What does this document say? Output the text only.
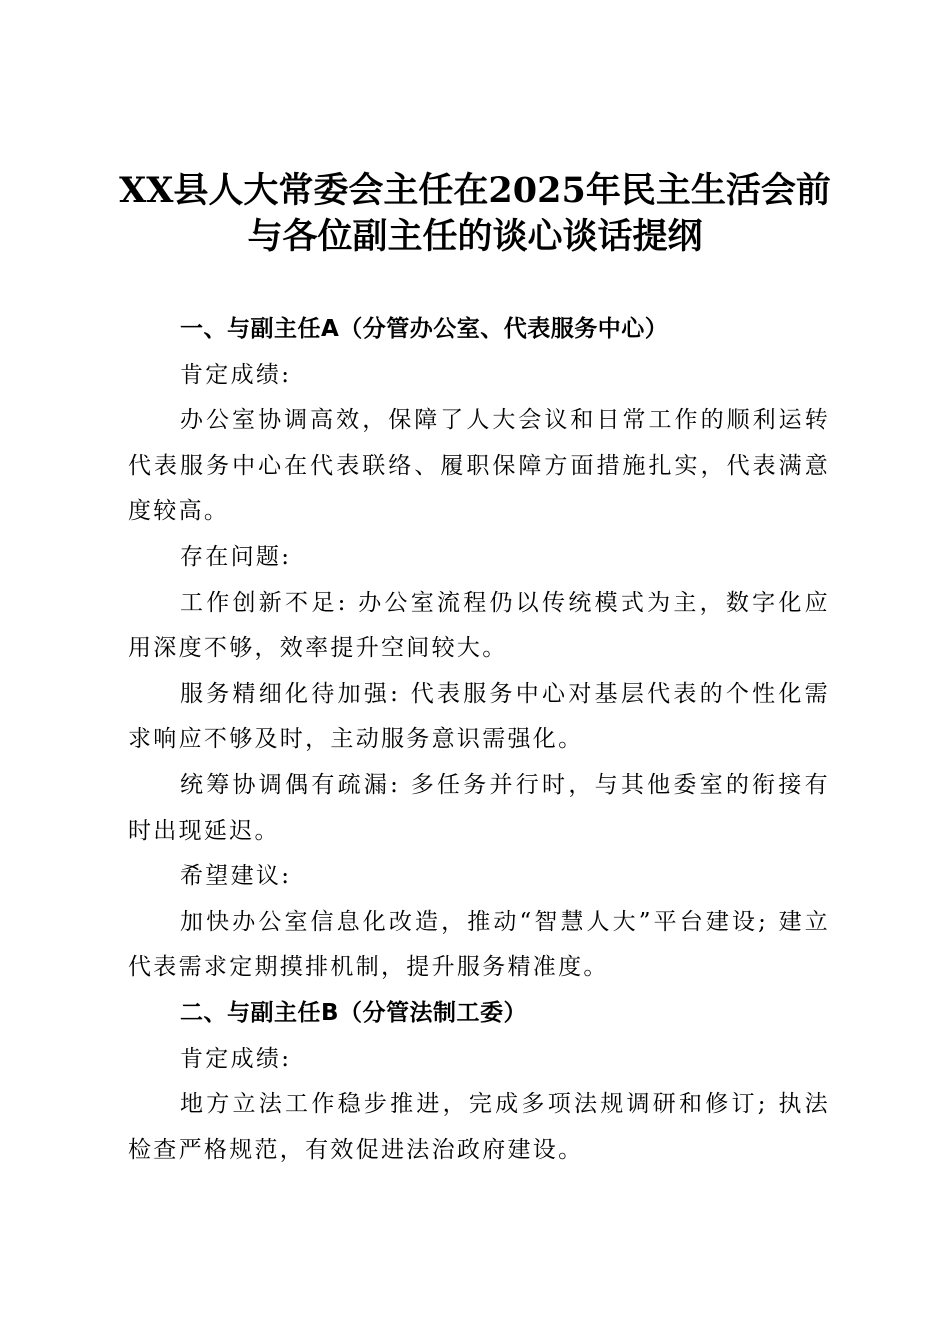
XX县人大常委会主任在2025年民主生活会前
与各位副主任的谈心谈话提纲

一、与副主任A（分管办公室、代表服务中心）

肯定成绩:

办公室协调高效，保障了人大会议和日常工作的顺利运转代表服务中心在代表联络、履职保障方面措施扎实，代表满意度较高。

存在问题:

工作创新不足: 办公室流程仍以传统模式为主，数字化应用深度不够，效率提升空间较大。

服务精细化待加强: 代表服务中心对基层代表的个性化需求响应不够及时，主动服务意识需强化。

统筹协调偶有疏漏: 多任务并行时，与其他委室的衔接有时出现延迟。

希望建议:

加快办公室信息化改造，推动“智慧人大”平台建设; 建立代表需求定期摸排机制，提升服务精准度。

二、与副主任B（分管法制工委）

肯定成绩:

地方立法工作稳步推进，完成多项法规调研和修订; 执法检查严格规范，有效促进法治政府建设。
